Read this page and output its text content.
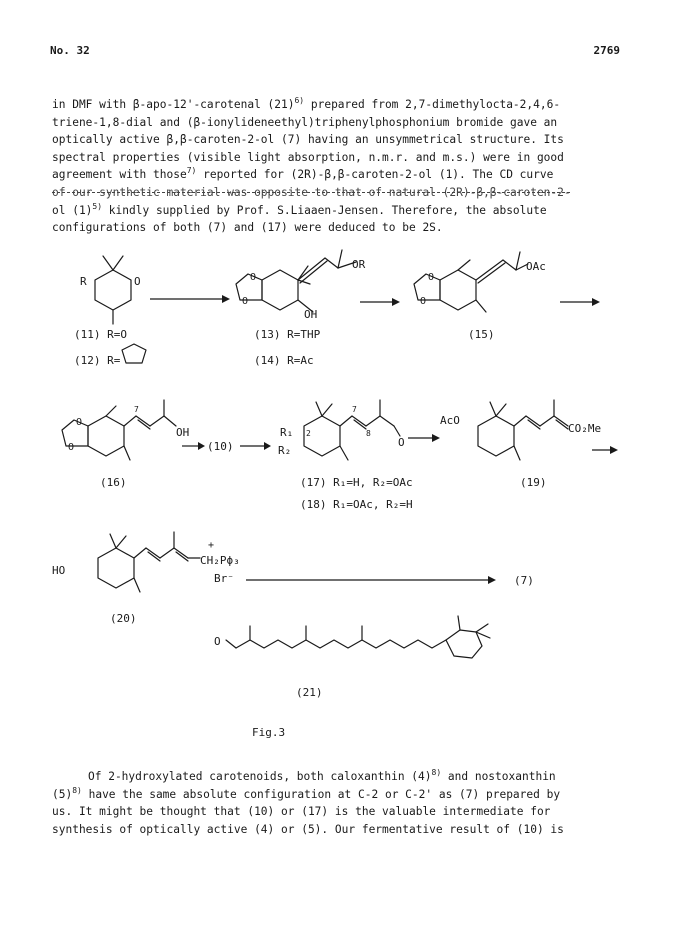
No. 32	2769

in DMF with β-apo-12'-carotenal $(21)^{6)}$ prepared from 2,7-dimethylocta-2,4,6-

triene-1,8-dial and (β-ionylideneethyl)triphenylphosphonium bromide gave an

optically active β,β-caroten-2-ol (7) having an unsymmetrical structure. Its

spectral properties (visible light absorption, n.m.r. and m.s.) were in good

agreement with those$^{7)}$ reported for (2R)-β,β-caroten-2-ol (1). The CD curve

of our synthetic material was opposite to that of natural (2R)-β,β-caroten-2-

ol $(1)^{5)}$ kindly supplied by Prof. S.Liaaen-Jensen. Therefore, the absolute

configurations of both (7) and (17) were deduced to be 2S.

R	O
(11) R=O
(12) R=
O
O
OH
OR
(13) R=THP
(14) R=Ac
O
O
OAc
(15)
O
O
7
OH
(16)
(10)
R₁
R₂
2
7
8
O
(17) R₁=H, R₂=OAc
(18) R₁=OAc, R₂=H
AcO
CO₂Me
(19)
HO
CH₂Pϕ₃
+
Br⁻
(20)
(7)
O
(21)
Fig.3

Of 2-hydroxylated carotenoids, both caloxanthin $(4)^{8)}$ and nostoxanthin

$(5)^{8)}$ have the same absolute configuration at C-2 or C-2' as (7) prepared by

us. It might be thought that (10) or (17) is the valuable intermediate for

synthesis of optically active (4) or (5). Our fermentative result of (10) is
